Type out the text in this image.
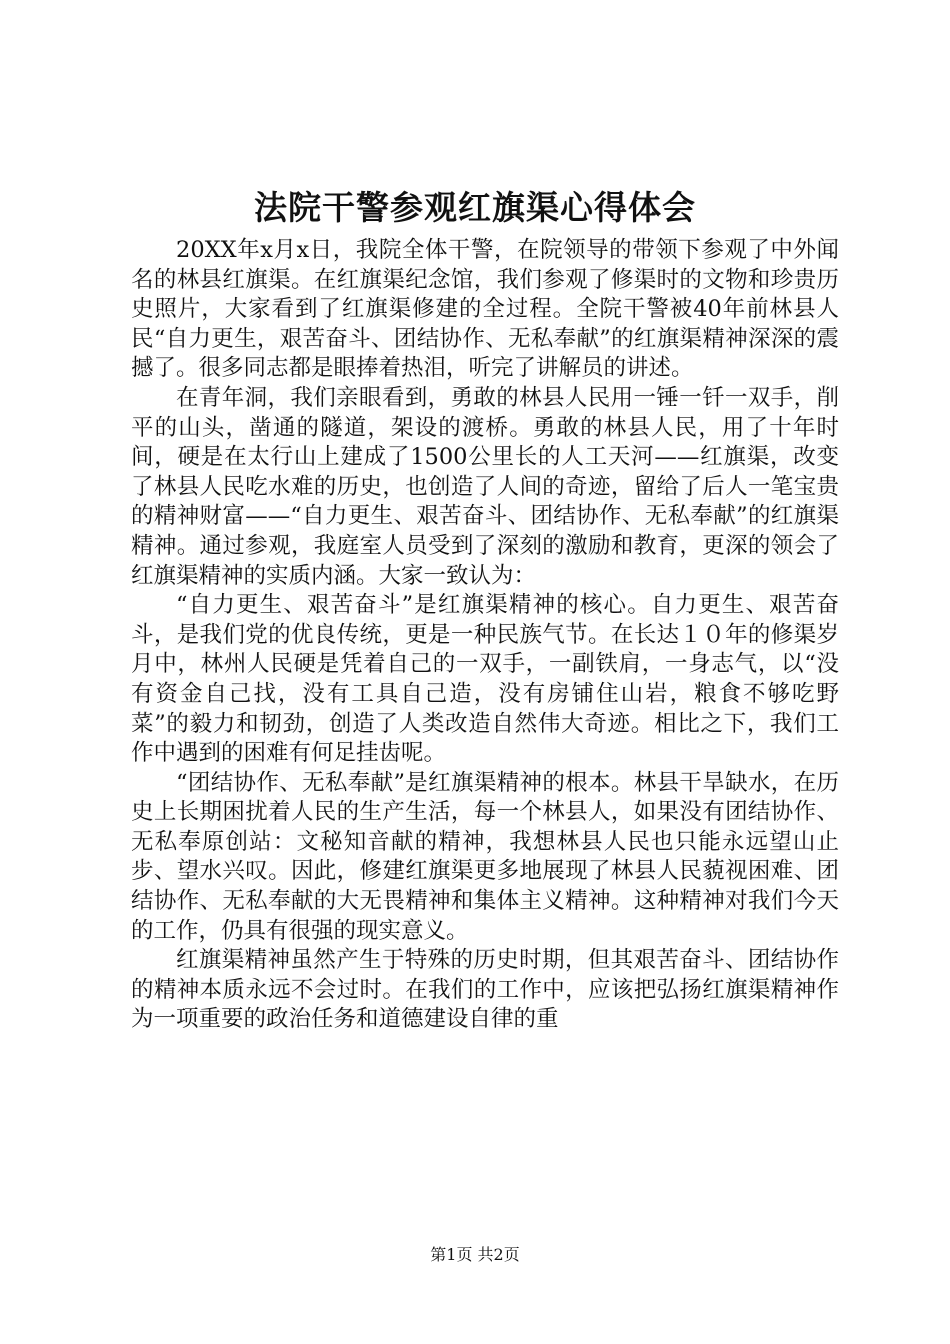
法院干警参观红旗渠心得体会

20XX年x月x日，我院全体干警，在院领导的带领下参观了中外闻名的林县红旗渠。在红旗渠纪念馆，我们参观了修渠时的文物和珍贵历史照片，大家看到了红旗渠修建的全过程。全院干警被40年前林县人民“自力更生，艰苦奋斗、团结协作、无私奉献”的红旗渠精神深深的震撼了。很多同志都是眼捧着热泪，听完了讲解员的讲述。

在青年洞，我们亲眼看到，勇敢的林县人民用一锤一钎一双手，削平的山头，凿通的隧道，架设的渡桥。勇敢的林县人民，用了十年时间，硬是在太行山上建成了1500公里长的人工天河——红旗渠，改变了林县人民吃水难的历史，也创造了人间的奇迹，留给了后人一笔宝贵的精神财富——“自力更生、艰苦奋斗、团结协作、无私奉献”的红旗渠精神。通过参观，我庭室人员受到了深刻的激励和教育，更深的领会了红旗渠精神的实质内涵。大家一致认为：

“自力更生、艰苦奋斗”是红旗渠精神的核心。自力更生、艰苦奋斗，是我们党的优良传统，更是一种民族气节。在长达１０年的修渠岁月中，林州人民硬是凭着自己的一双手，一副铁肩，一身志气，以“没有资金自己找，没有工具自己造，没有房铺住山岩，粮食不够吃野菜”的毅力和韧劲，创造了人类改造自然伟大奇迹。相比之下，我们工作中遇到的困难有何足挂齿呢。

“团结协作、无私奉献”是红旗渠精神的根本。林县干旱缺水，在历史上长期困扰着人民的生产生活，每一个林县人，如果没有团结协作、无私奉原创站：文秘知音献的精神，我想林县人民也只能永远望山止步、望水兴叹。因此，修建红旗渠更多地展现了林县人民藐视困难、团结协作、无私奉献的大无畏精神和集体主义精神。这种精神对我们今天的工作，仍具有很强的现实意义。

红旗渠精神虽然产生于特殊的历史时期，但其艰苦奋斗、团结协作的精神本质永远不会过时。在我们的工作中，应该把弘扬红旗渠精神作为一项重要的政治任务和道德建设自律的重

第1页 共2页
